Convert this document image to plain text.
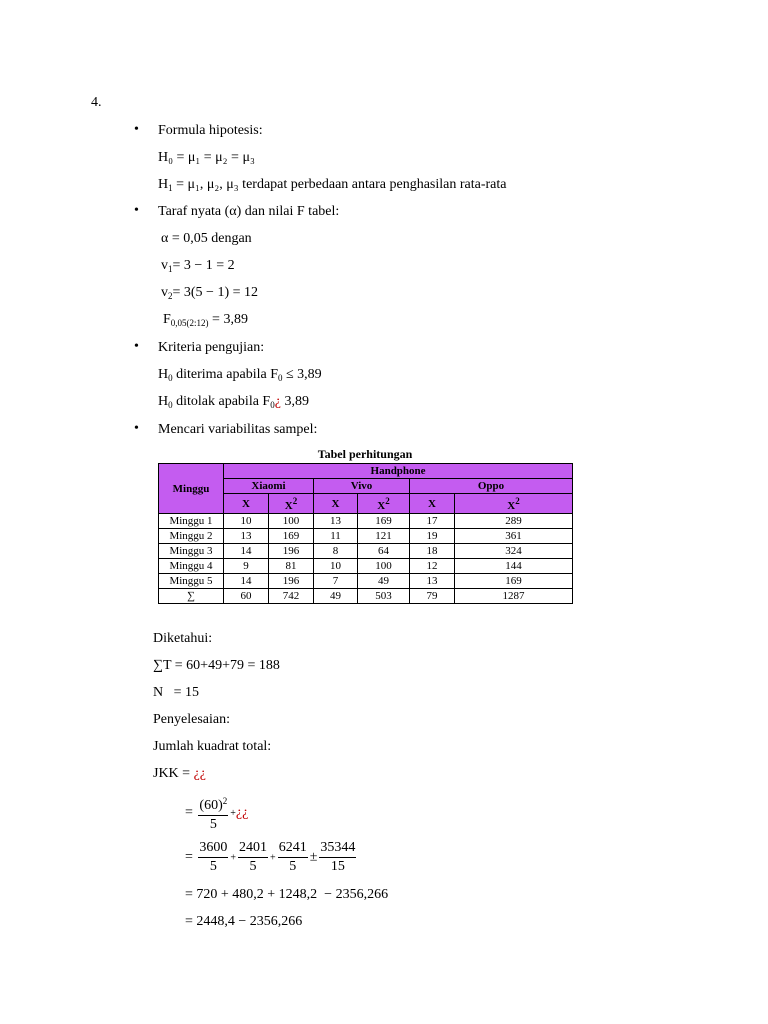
4.
• Formula hipotesis:
H₀ = μ₁ = μ₂ = μ₃
$H_1 = \mu_1$, μ₂, μ₃ terdapat perbedaan antara penghasilan rata-rata
• Taraf nyata (α) dan nilai F tabel:
α = 0,05 dengan
$v_1= 3 - 1 = 2$
$v_2= 3(5 - 1) = 12$
$F_{0,05(2:12)} = 3,89$
• Kriteria pengujian:
$H_0$ diterima apabila $F_0 \le 3,89$
$H_0$ ditolak apabila $F_0¿$ 3,89
• Mencari variabilitas sampel:
Tabel perhitungan
Minggu	Handphone					
	Xiaomi		Vivo		Oppo	
	X	$X^2$	X	$X^2$	X	$X^2$
Minggu 1	10	100	13	169	17	289
Minggu 2	13	169	11	121	19	361
Minggu 3	14	196	8	64	18	324
Minggu 4	9	81	10	100	12	144
Minggu 5	14	196	7	49	13	169
∑	60	742	49	503	79	1287
Diketahui:
∑T = 60+49+79 = 188
N   = 15
Penyelesaian:
Jumlah kuadrat total:
JKK = ¿¿
= $\frac{(60)^2}{5}$ +¿¿
= $\frac{3600}{5} + \frac{2401}{5} + \frac{6241}{5} \pm \frac{35344}{15}$
= 720 + 480,2 + 1248,2  − 2356,266
= 2448,4 − 2356,266
